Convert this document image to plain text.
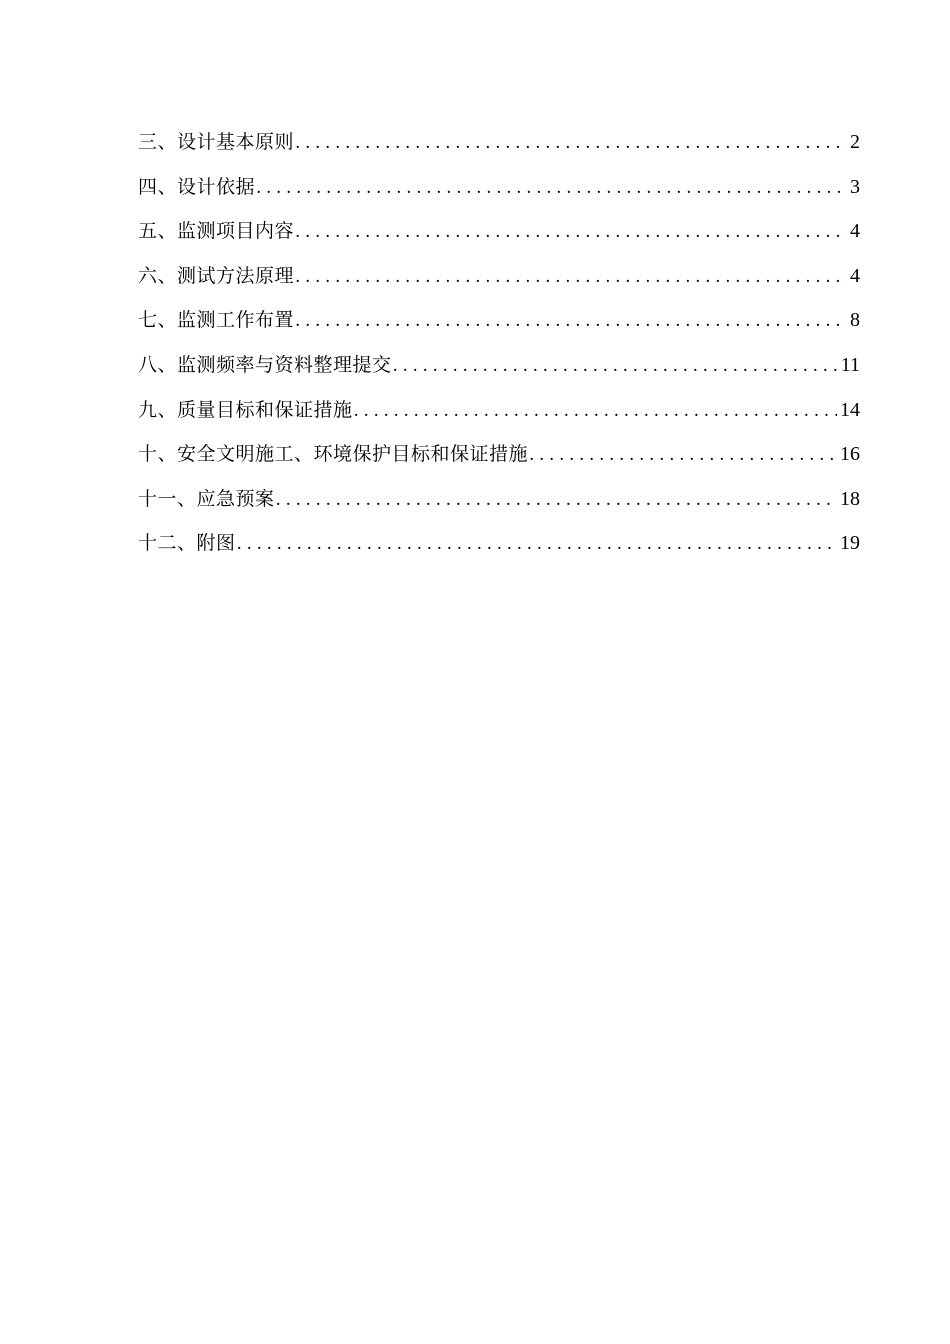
三、设计基本原则 .....	2
四、设计依据 .....	3
五、监测项目内容 .....	4
六、测试方法原理 .....	4
七、监测工作布置 .....	8
八、监测频率与资料整理提交 .....	11
九、质量目标和保证措施 .....	14
十、安全文明施工、环境保护目标和保证措施 .....	16
十一、应急预案 .....	18
十二、附图 .....	19
